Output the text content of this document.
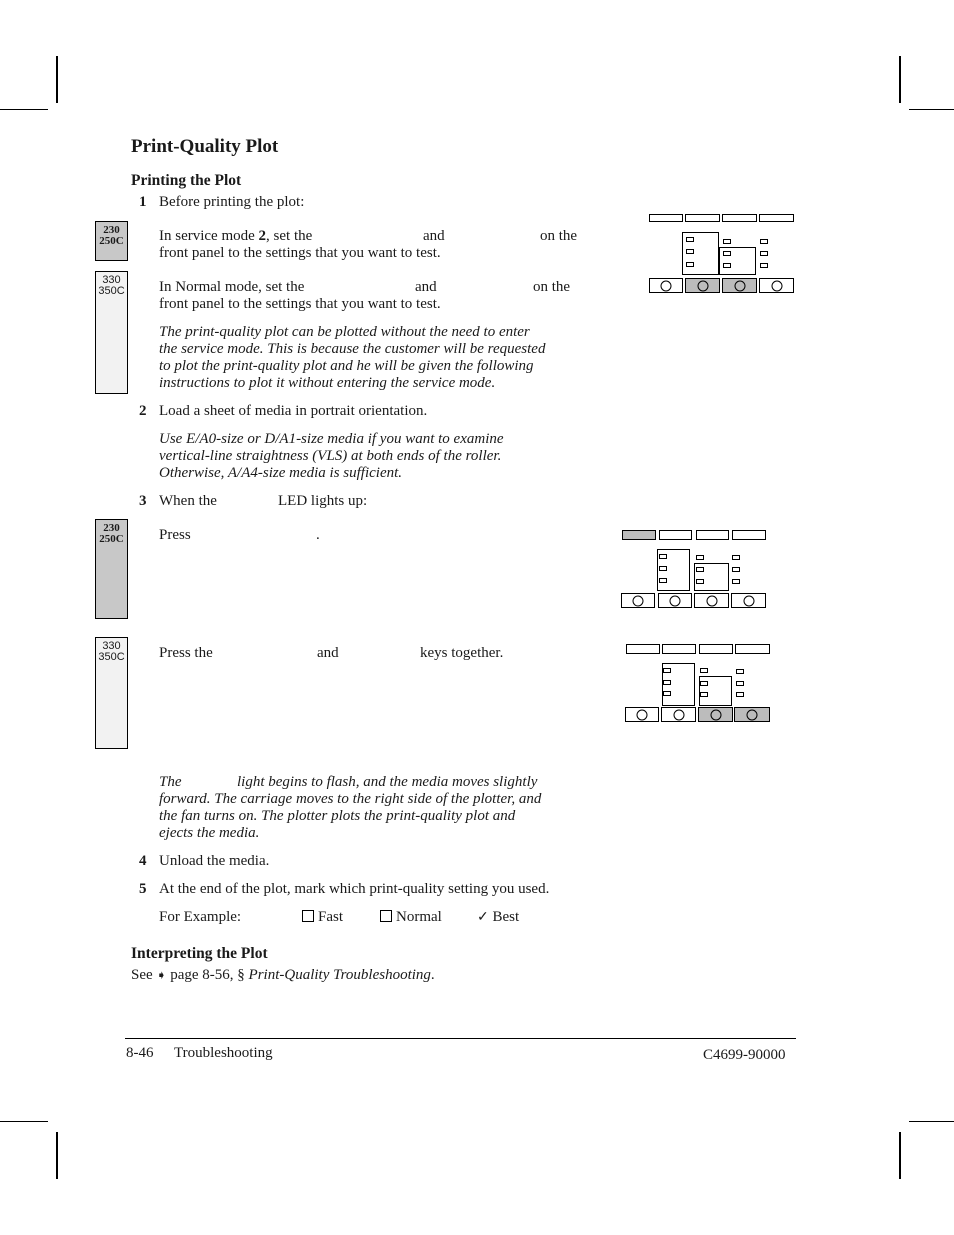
Print-Quality Plot
Printing the Plot
1 Before printing the plot:
230
250C
330
350C
In service mode 2, set the	and	on the
front panel to the settings that you want to test.
In Normal mode, set the	and	on the
front panel to the settings that you want to test.
The print-quality plot can be plotted without the need to enter
the service mode. This is because the customer will be requested
to plot the print-quality plot and he will be given the following
instructions to plot it without entering the service mode.
2 Load a sheet of media in portrait orientation.
Use E/A0-size or D/A1-size media if you want to examine
vertical-line straightness (VLS) at both ends of the roller.
Otherwise, A/A4-size media is sufficient.
3 When the	LED lights up:
230
250C Press	.
330
350C Press the	and	keys together.
The	light begins to flash, and the media moves slightly
forward. The carriage moves to the right side of the plotter, and
the fan turns on. The plotter plots the print-quality plot and
ejects the media.
4 Unload the media.
5 At the end of the plot, mark which print-quality setting you used.
For Example:	Fast	Normal	✓ Best
Interpreting the Plot
See ➧ page 8-56, § Print-Quality Troubleshooting.
8-46 Troubleshooting	C4699-90000
